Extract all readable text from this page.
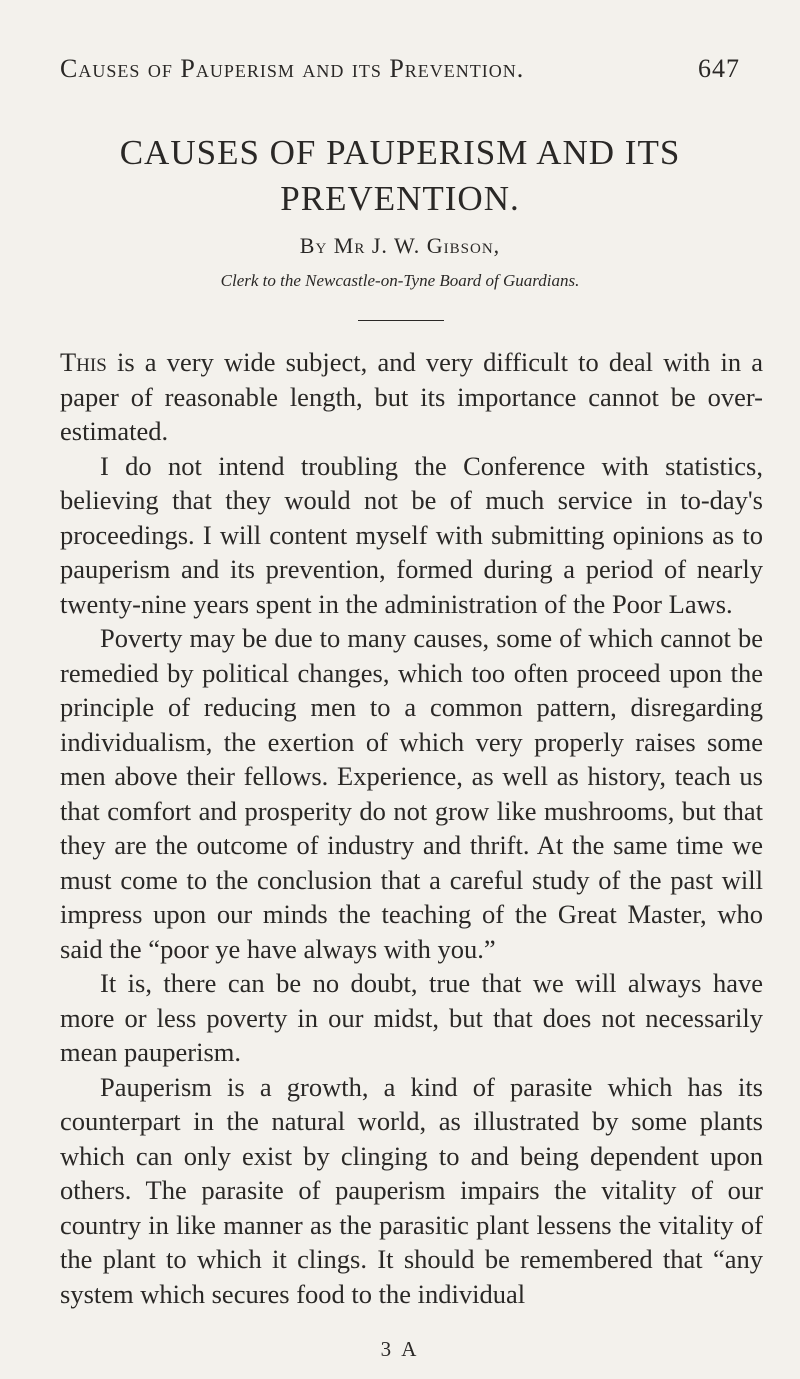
Causes of Pauperism and its Prevention.	647
CAUSES OF PAUPERISM AND ITS
PREVENTION.
By Mr J. W. Gibson,
Clerk to the Newcastle-on-Tyne Board of Guardians.

This is a very wide subject, and very difficult to deal with in a paper of reasonable length, but its importance cannot be over-estimated.

I do not intend troubling the Conference with statistics, believing that they would not be of much service in to-day's proceedings. I will content myself with submitting opinions as to pauperism and its prevention, formed during a period of nearly twenty-nine years spent in the administration of the Poor Laws.

Poverty may be due to many causes, some of which cannot be remedied by political changes, which too often proceed upon the principle of reducing men to a common pattern, disregarding individualism, the exertion of which very properly raises some men above their fellows. Experience, as well as history, teach us that comfort and prosperity do not grow like mushrooms, but that they are the outcome of industry and thrift. At the same time we must come to the conclusion that a careful study of the past will impress upon our minds the teaching of the Great Master, who said the “poor ye have always with you.”

It is, there can be no doubt, true that we will always have more or less poverty in our midst, but that does not necessarily mean pauperism.

Pauperism is a growth, a kind of parasite which has its counterpart in the natural world, as illustrated by some plants which can only exist by clinging to and being dependent upon others. The parasite of pauperism impairs the vitality of our country in like manner as the parasitic plant lessens the vitality of the plant to which it clings. It should be remembered that “any system which secures food to the individual

3 A
